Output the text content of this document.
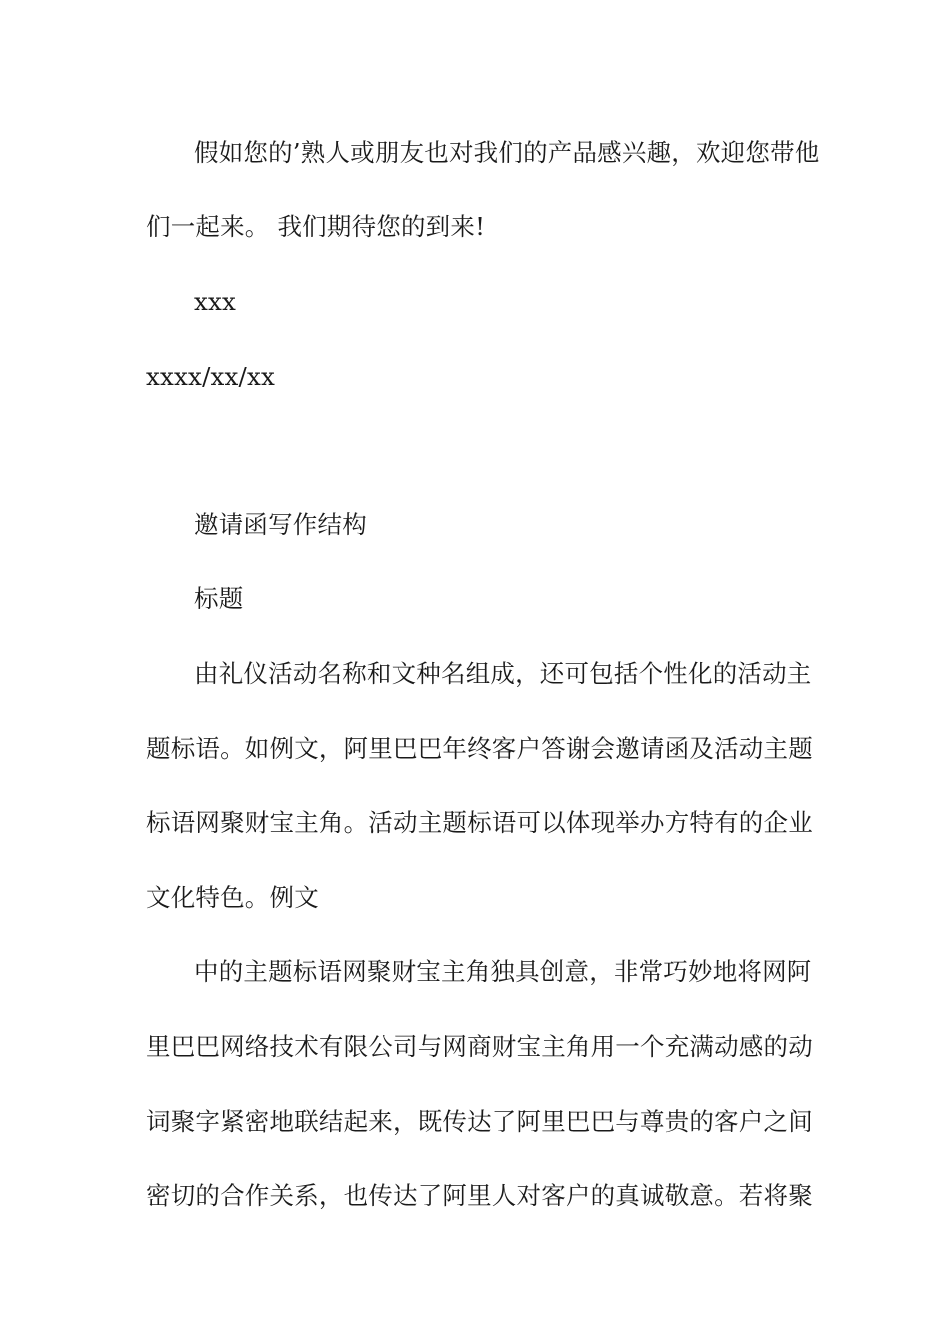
假如您的’熟人或朋友也对我们的产品感兴趣，欢迎您带他
们一起来。 我们期待您的到来!
xxx
xxxx/xx/xx
邀请函写作结构
标题
由礼仪活动名称和文种名组成，还可包括个性化的活动主
题标语。如例文，阿里巴巴年终客户答谢会邀请函及活动主题
标语网聚财宝主角。活动主题标语可以体现举办方特有的企业
文化特色。例文
中的主题标语网聚财宝主角独具创意，非常巧妙地将网阿
里巴巴网络技术有限公司与网商财宝主角用一个充满动感的动
词聚字紧密地联结起来，既传达了阿里巴巴与尊贵的客户之间
密切的合作关系，也传达了阿里人对客户的真诚敬意。若将聚
